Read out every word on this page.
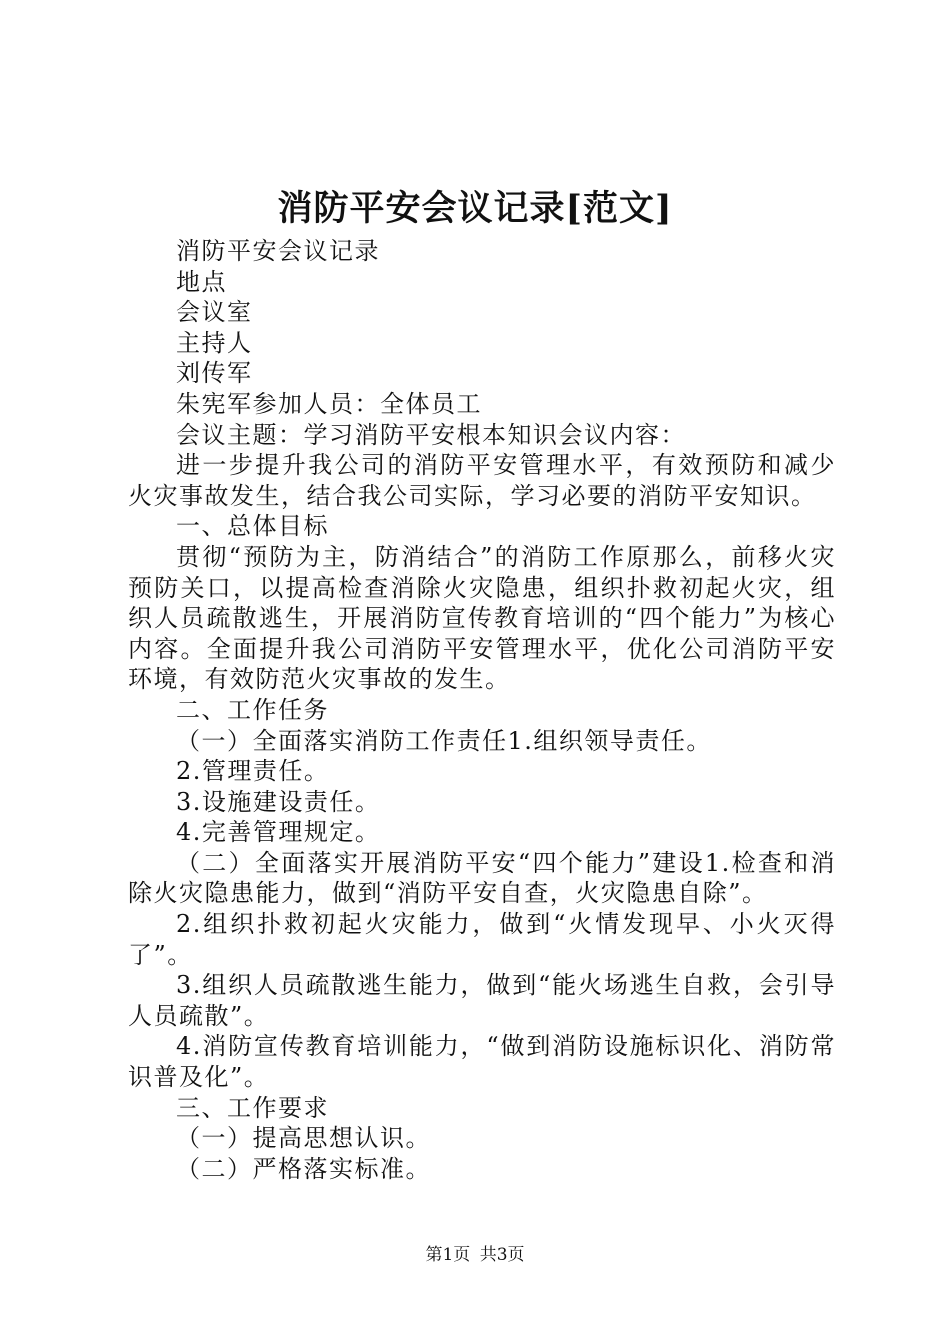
消防平安会议记录[范文]

消防平安会议记录

地点

会议室

主持人

刘传军

朱宪军参加人员：全体员工

会议主题：学习消防平安根本知识会议内容：

进一步提升我公司的消防平安管理水平，有效预防和减少火灾事故发生，结合我公司实际，学习必要的消防平安知识。

一、总体目标

贯彻“预防为主，防消结合”的消防工作原那么，前移火灾预防关口，以提高检查消除火灾隐患，组织扑救初起火灾，组织人员疏散逃生，开展消防宣传教育培训的“四个能力”为核心内容。全面提升我公司消防平安管理水平，优化公司消防平安环境，有效防范火灾事故的发生。

二、工作任务

（一）全面落实消防工作责任1.组织领导责任。

2.管理责任。

3.设施建设责任。

4.完善管理规定。

（二）全面落实开展消防平安“四个能力”建设1.检查和消除火灾隐患能力，做到“消防平安自查，火灾隐患自除”。

2.组织扑救初起火灾能力，做到“火情发现早、小火灭得了”。

3.组织人员疏散逃生能力，做到“能火场逃生自救，会引导人员疏散”。

4.消防宣传教育培训能力，“做到消防设施标识化、消防常识普及化”。

三、工作要求

（一）提高思想认识。

（二）严格落实标准。

第1页 共3页
